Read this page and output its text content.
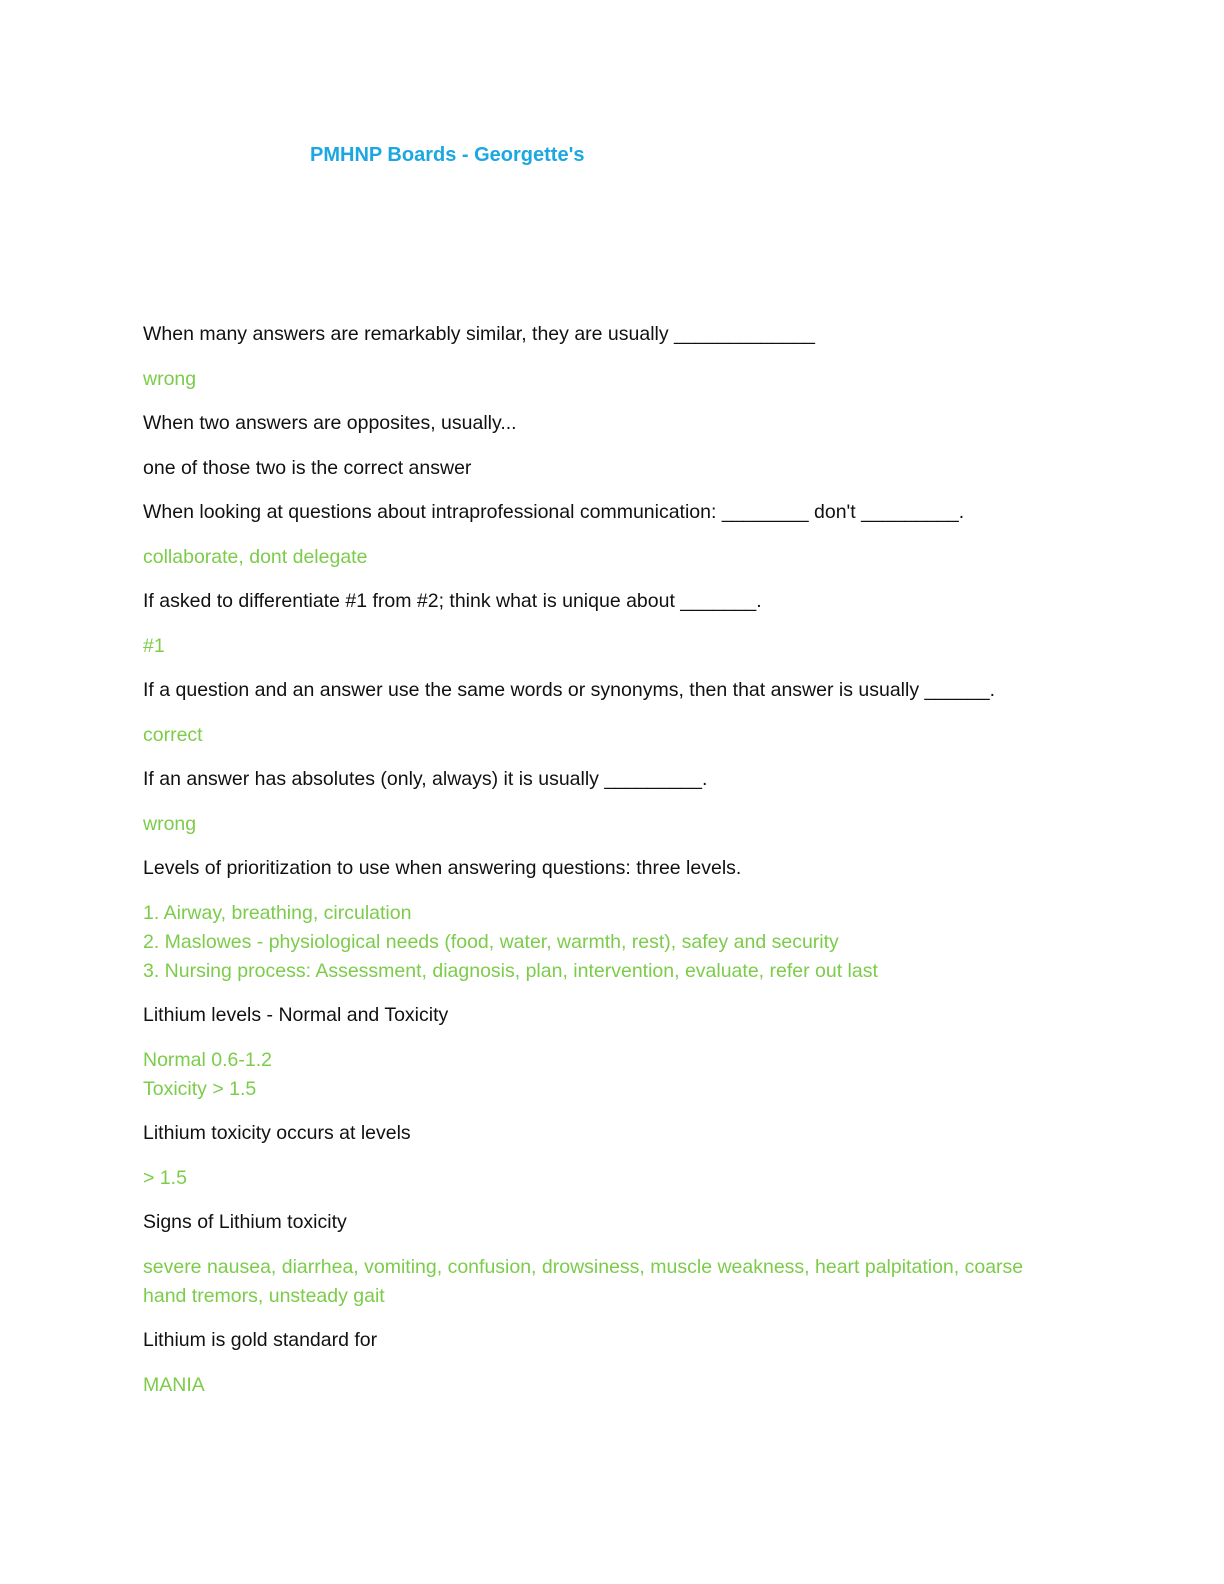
PMHNP Boards - Georgette's
When many answers are remarkably similar, they are usually _____________
wrong
When two answers are opposites, usually...
one of those two is the correct answer
When looking at questions about intraprofessional communication: ________ don't _________.
collaborate, dont delegate
If asked to differentiate #1 from #2; think what is unique about _______.
#1
If a question and an answer use the same words or synonyms, then that answer is usually ______.
correct
If an answer has absolutes (only, always) it is usually _________.
wrong
Levels of prioritization to use when answering questions: three levels.
1. Airway, breathing, circulation
2. Maslowes - physiological needs (food, water, warmth, rest), safey and security
3. Nursing process: Assessment, diagnosis, plan, intervention, evaluate, refer out last
Lithium levels - Normal and Toxicity
Normal 0.6-1.2
Toxicity > 1.5
Lithium toxicity occurs at levels
> 1.5
Signs of Lithium toxicity
severe nausea, diarrhea, vomiting, confusion, drowsiness, muscle weakness, heart palpitation, coarse
hand tremors, unsteady gait
Lithium is gold standard for
MANIA
